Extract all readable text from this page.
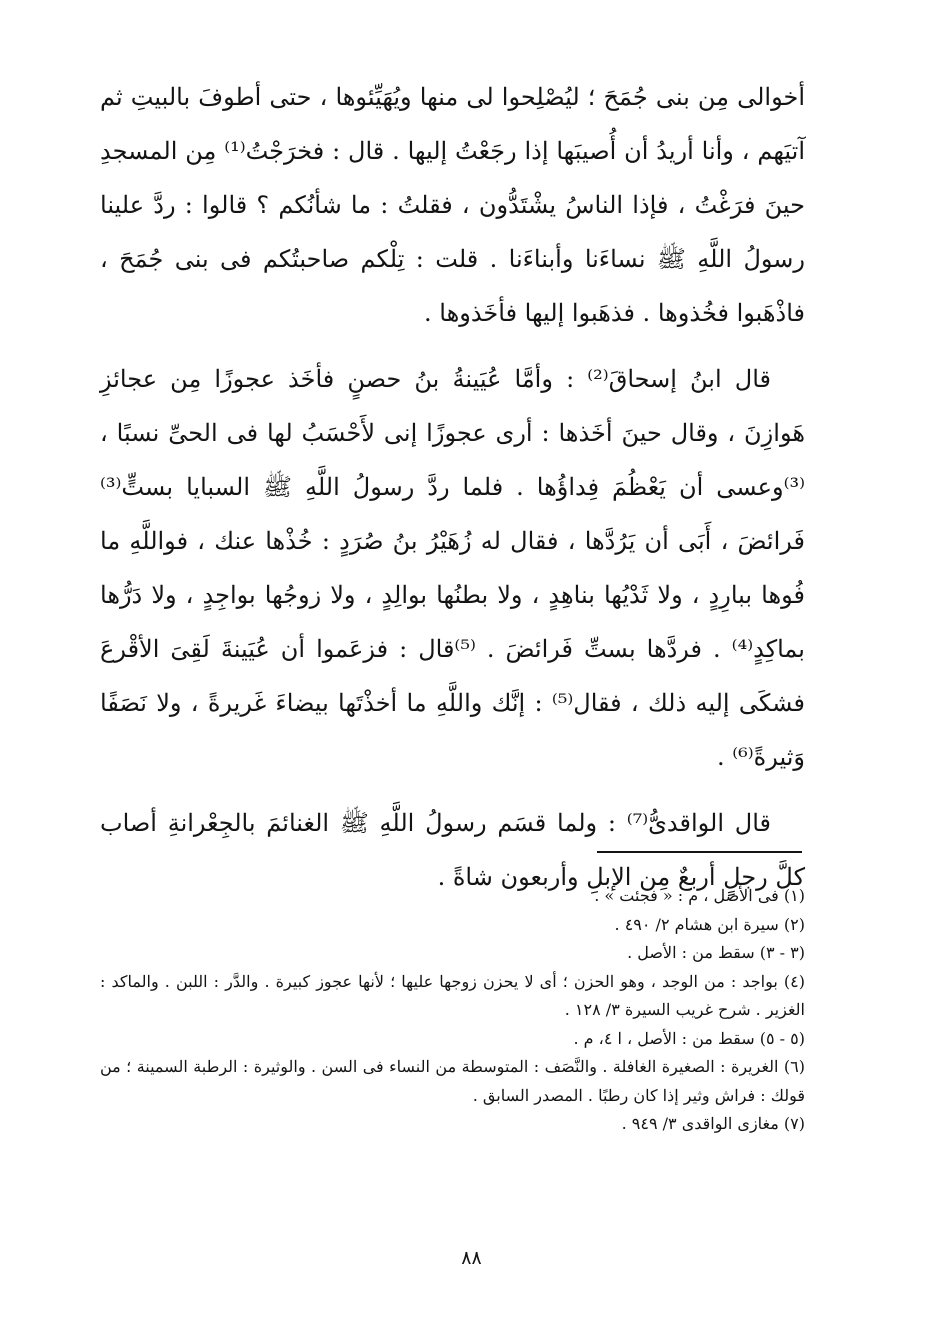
أخوالى مِن بنى جُمَحَ ؛ ليُصْلِحوا لى منها ويُهَيِّئوها ، حتى أطوفَ بالبيتِ ثم آتيَهم ، وأنا أريدُ أن أُصيبَها إذا رجَعْتُ إليها . قال : فخرَجْتُ⁽¹⁾ مِن المسجدِ حينَ فرَغْتُ ، فإذا الناسُ يشْتَدُّون ، فقلتُ : ما شأنُكم ؟ قالوا : ردَّ علينا رسولُ اللَّهِ ﷺ نساءَنا وأبناءَنا . قلت : تِلْكم صاحبتُكم فى بنى جُمَحَ ، فاذْهَبوا فخُذوها . فذهَبوا إليها فأخَذوها .

قال ابنُ إسحاقَ⁽²⁾ : وأمَّا عُيَينةُ بنُ حصنٍ فأخَذ عجوزًا مِن عجائزِ هَوازِنَ ، وقال حينَ أخَذها : أرى عجوزًا إنى لأَحْسَبُ لها فى الحىِّ نسبًا ، ⁽³⁾وعسى أن يَعْظُمَ فِداؤُها . فلما ردَّ رسولُ اللَّهِ ﷺ السبايا بستٍّ⁽³⁾ فَرائضَ ، أَبَى أن يَرُدَّها ، فقال له زُهَيْرُ بنُ صُرَدٍ : خُذْها عنك ، فواللَّهِ ما فُوها ببارِدٍ ، ولا ثَدْيُها بناهِدٍ ، ولا بطنُها بوالِدٍ ، ولا زوجُها بواجِدٍ ، ولا دَرُّها بماكِدٍ⁽⁴⁾ . فردَّها بستِّ فَرائضَ . ⁽⁵⁾قال : فزعَموا أن عُيَينةَ لَقِىَ الأقْرعَ فشكَى إليه ذلك ، فقال⁽⁵⁾ : إنَّك واللَّهِ ما أخذْتَها بيضاءَ غَريرةً ، ولا نَصَفًا وَثيرةً⁽⁶⁾ .

قال الواقدىُّ⁽⁷⁾ : ولما قسَم رسولُ اللَّهِ ﷺ الغنائمَ بالجِعْرانةِ أصاب كلَّ رجلٍ أربعٌ مِن الإبلِ وأربعون شاةً .

(١) فى الأصل ، م : « فجئت » .

(٢) سيرة ابن هشام ٢/ ٤٩٠ .

(٣ - ٣) سقط من : الأصل .

(٤) بواجد : من الوجد ، وهو الحزن ؛ أى لا يحزن زوجها عليها ؛ لأنها عجوز كبيرة . والدَّر : اللبن . والماكد : الغزير . شرح غريب السيرة ٣/ ١٢٨ .

(٥ - ٥) سقط من : الأصل ، ا ٤، م .

(٦) الغريرة : الصغيرة الغافلة . والنَّصَف : المتوسطة من النساء فى السن . والوثيرة : الرطبة السمينة ؛ من قولك : فراش وثير إذا كان رطبًا . المصدر السابق .

(٧) مغازى الواقدى ٣/ ٩٤٩ .

٨٨
